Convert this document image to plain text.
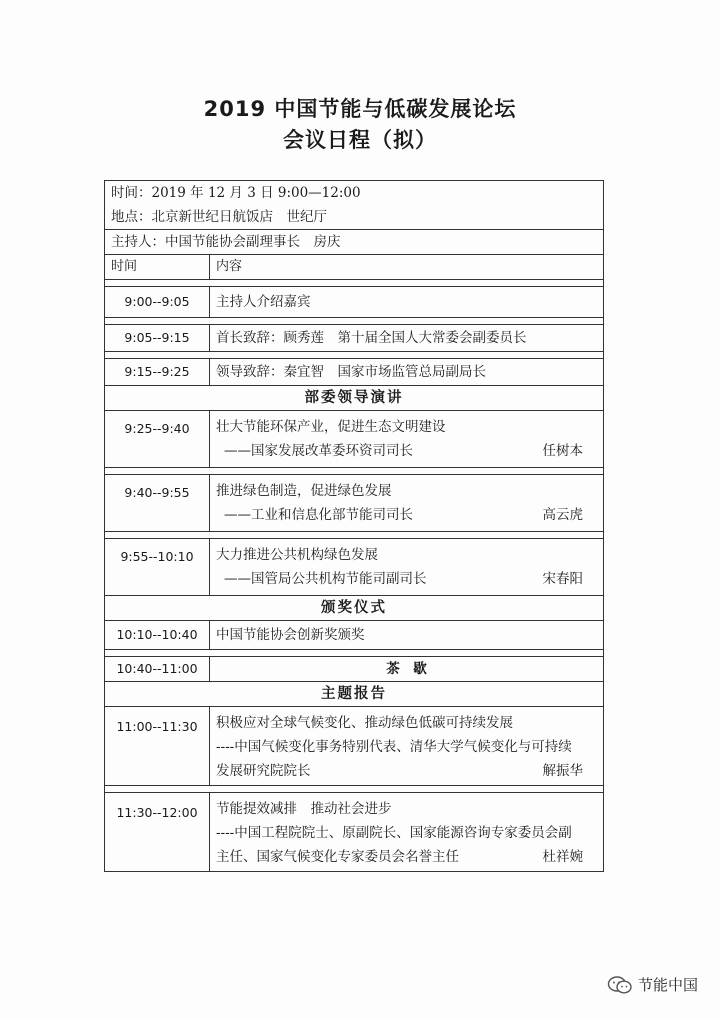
2019 中国节能与低碳发展论坛
会议日程（拟）
时间：2019 年 12 月 3 日 9:00—12:00
地点：北京新世纪日航饭店　世纪厅	

主持人：中国节能协会副理事长　房庆	
时间	内容

9:00--9:05	主持人介绍嘉宾

9:05--9:15	首长致辞：顾秀莲　第十届全国人大常委会副委员长

9:15--9:25	领导致辞：秦宜智　国家市场监管总局副局长
部委领导演讲	
9:25--9:40	壮大节能环保产业，促进生态文明建设
——国家发展改革委环资司司长 任树本

9:40--9:55	推进绿色制造，促进绿色发展
——工业和信息化部节能司司长 高云虎

9:55--10:10	大力推进公共机构绿色发展
——国管局公共机构节能司副司长 宋春阳

颁奖仪式	
10:10--10:40	中国节能协会创新奖颁奖

10:40--11:00	茶　歇
主题报告	
11:00--11:30	积极应对全球气候变化、推动绿色低碳可持续发展
----中国气候变化事务特别代表、清华大学气候变化与可持续
发展研究院院长 解振华

11:30--12:00	节能提效减排　推动社会进步
----中国工程院院士、原副院长、国家能源咨询专家委员会副
主任、国家气候变化专家委员会名誉主任 杜祥婉
节能中国
